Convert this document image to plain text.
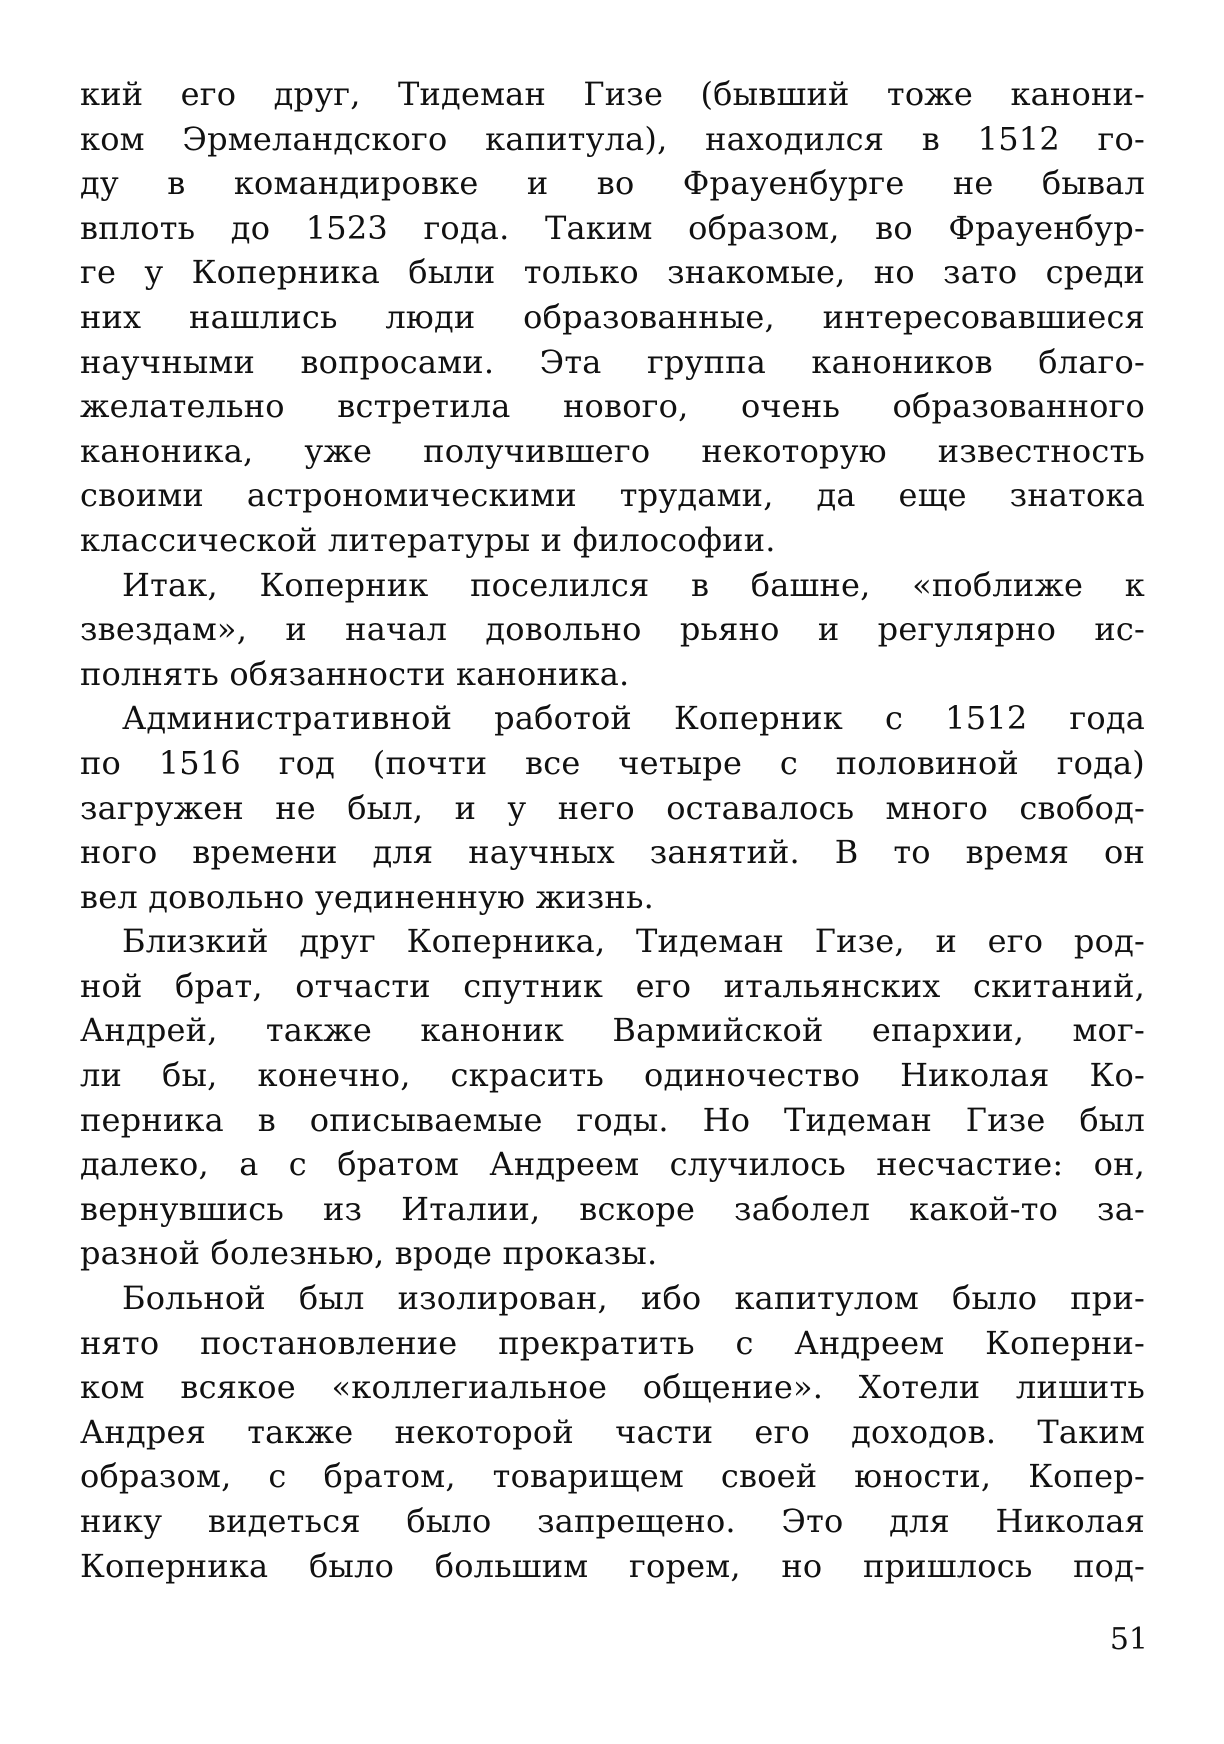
кий его друг, Тидеман Гизе (бывший тоже канони-
ком Эрмеландского капитула), находился в 1512 го-
ду в командировке и во Фрауенбурге не бывал
вплоть до 1523 года. Таким образом, во Фрауенбур-
ге у Коперника были только знакомые, но зато среди
них нашлись люди образованные, интересовавшиеся
научными вопросами. Эта группа каноников благо-
желательно встретила нового, очень образованного
каноника, уже получившего некоторую известность
своими астрономическими трудами, да еще знатока
классической литературы и философии.
Итак, Коперник поселился в башне, «поближе к
звездам», и начал довольно рьяно и регулярно ис-
полнять обязанности каноника.
Административной работой Коперник с 1512 года
по 1516 год (почти все четыре с половиной года)
загружен не был, и у него оставалось много свобод-
ного времени для научных занятий. В то время он
вел довольно уединенную жизнь.
Близкий друг Коперника, Тидеман Гизе, и его род-
ной брат, отчасти спутник его итальянских скитаний,
Андрей, также каноник Вармийской епархии, мог-
ли бы, конечно, скрасить одиночество Николая Ко-
перника в описываемые годы. Но Тидеман Гизе был
далеко, а с братом Андреем случилось несчастие: он,
вернувшись из Италии, вскоре заболел какой-то за-
разной болезнью, вроде проказы.
Больной был изолирован, ибо капитулом было при-
нято постановление прекратить с Андреем Коперни-
ком всякое «коллегиальное общение». Хотели лишить
Андрея также некоторой части его доходов. Таким
образом, с братом, товарищем своей юности, Копер-
нику видеться было запрещено. Это для Николая
Коперника было большим горем, но пришлось под-
51
